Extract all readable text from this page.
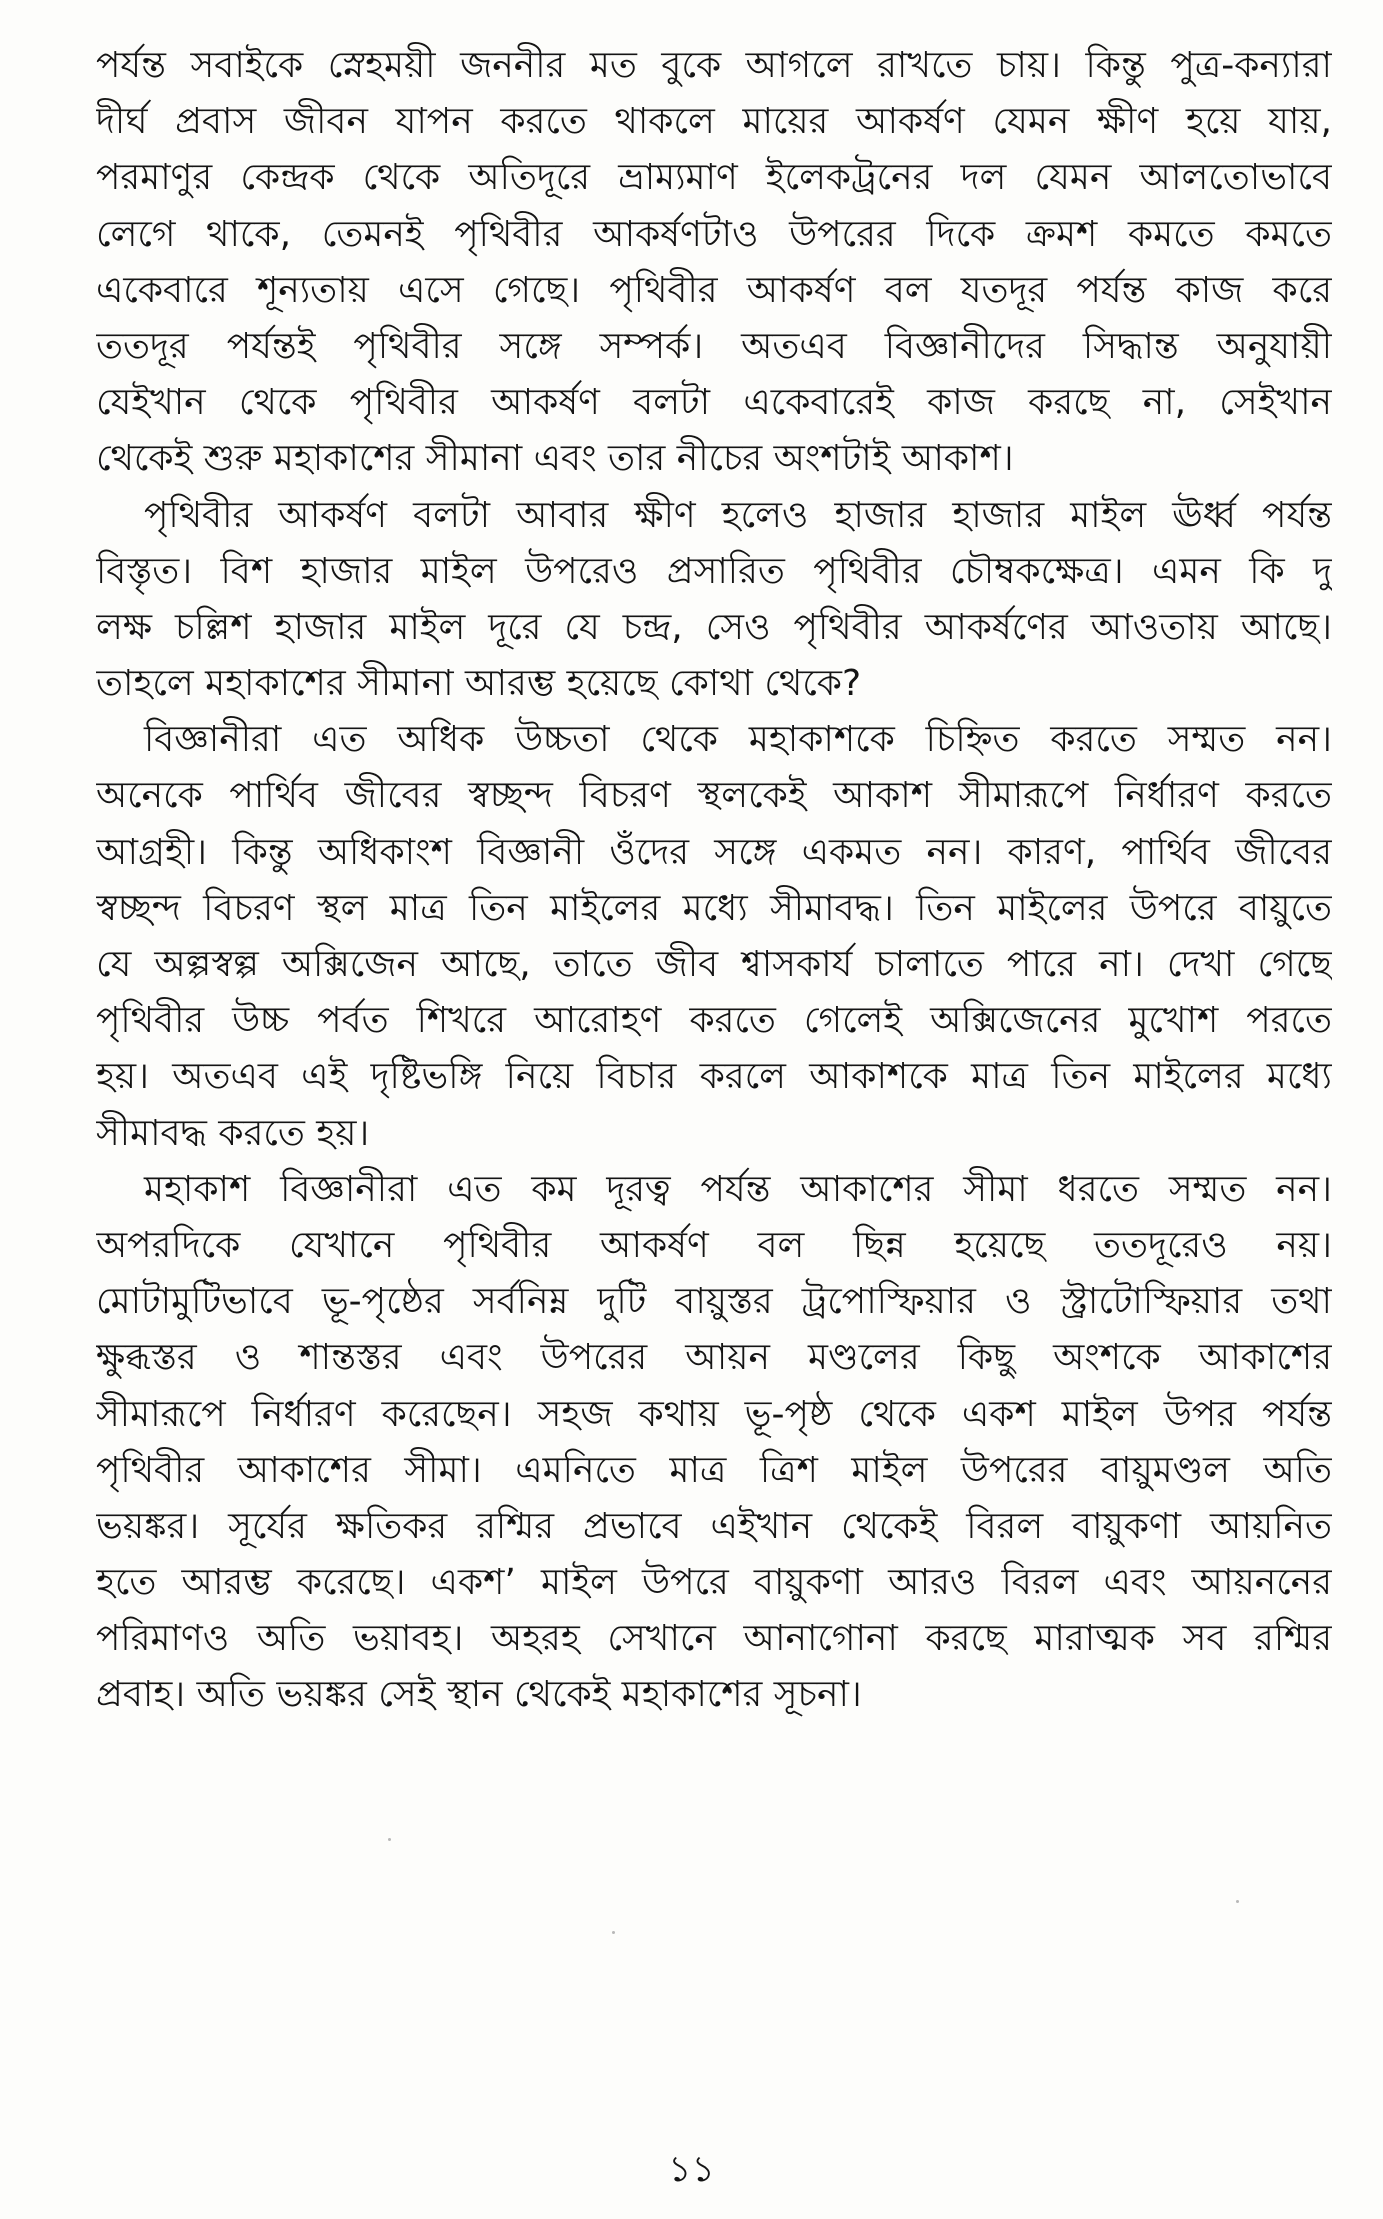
পর্যন্ত সবাইকে স্নেহময়ী জননীর মত বুকে আগলে রাখতে চায়। কিন্তু পুত্র-কন্যারা
দীর্ঘ প্রবাস জীবন যাপন করতে থাকলে মায়ের আকর্ষণ যেমন ক্ষীণ হয়ে যায়,
পরমাণুর কেন্দ্রক থেকে অতিদূরে ভ্রাম্যমাণ ইলেকট্রনের দল যেমন আলতোভাবে
লেগে থাকে, তেমনই পৃথিবীর আকর্ষণটাও উপরের দিকে ক্রমশ কমতে কমতে
একেবারে শূন্যতায় এসে গেছে। পৃথিবীর আকর্ষণ বল যতদূর পর্যন্ত কাজ করে
ততদূর পর্যন্তই পৃথিবীর সঙ্গে সম্পর্ক। অতএব বিজ্ঞানীদের সিদ্ধান্ত অনুযায়ী
যেইখান থেকে পৃথিবীর আকর্ষণ বলটা একেবারেই কাজ করছে না, সেইখান
থেকেই শুরু মহাকাশের সীমানা এবং তার নীচের অংশটাই আকাশ।
পৃথিবীর আকর্ষণ বলটা আবার ক্ষীণ হলেও হাজার হাজার মাইল ঊর্ধ্ব পর্যন্ত
বিস্তৃত। বিশ হাজার মাইল উপরেও প্রসারিত পৃথিবীর চৌম্বকক্ষেত্র। এমন কি দু
লক্ষ চল্লিশ হাজার মাইল দূরে যে চন্দ্র, সেও পৃথিবীর আকর্ষণের আওতায় আছে।
তাহলে মহাকাশের সীমানা আরম্ভ হয়েছে কোথা থেকে?
বিজ্ঞানীরা এত অধিক উচ্চতা থেকে মহাকাশকে চিহ্নিত করতে সম্মত নন।
অনেকে পার্থিব জীবের স্বচ্ছন্দ বিচরণ স্থলকেই আকাশ সীমারূপে নির্ধারণ করতে
আগ্রহী। কিন্তু অধিকাংশ বিজ্ঞানী ওঁদের সঙ্গে একমত নন। কারণ, পার্থিব জীবের
স্বচ্ছন্দ বিচরণ স্থল মাত্র তিন মাইলের মধ্যে সীমাবদ্ধ। তিন মাইলের উপরে বায়ুতে
যে অল্পস্বল্প অক্সিজেন আছে, তাতে জীব শ্বাসকার্য চালাতে পারে না। দেখা গেছে
পৃথিবীর উচ্চ পর্বত শিখরে আরোহণ করতে গেলেই অক্সিজেনের মুখোশ পরতে
হয়। অতএব এই দৃষ্টিভঙ্গি নিয়ে বিচার করলে আকাশকে মাত্র তিন মাইলের মধ্যে
সীমাবদ্ধ করতে হয়।
মহাকাশ বিজ্ঞানীরা এত কম দূরত্ব পর্যন্ত আকাশের সীমা ধরতে সম্মত নন।
অপরদিকে যেখানে পৃথিবীর আকর্ষণ বল ছিন্ন হয়েছে ততদূরেও নয়।
মোটামুটিভাবে ভূ-পৃষ্ঠের সর্বনিম্ন দুটি বায়ুস্তর ট্রপোস্ফিয়ার ও স্ট্রাটোস্ফিয়ার তথা
ক্ষুব্ধস্তর ও শান্তস্তর এবং উপরের আয়ন মণ্ডলের কিছু অংশকে আকাশের
সীমারূপে নির্ধারণ করেছেন। সহজ কথায় ভূ-পৃষ্ঠ থেকে একশ মাইল উপর পর্যন্ত
পৃথিবীর আকাশের সীমা। এমনিতে মাত্র ত্রিশ মাইল উপরের বায়ুমণ্ডল অতি
ভয়ঙ্কর। সূর্যের ক্ষতিকর রশ্মির প্রভাবে এইখান থেকেই বিরল বায়ুকণা আয়নিত
হতে আরম্ভ করেছে। একশ’ মাইল উপরে বায়ুকণা আরও বিরল এবং আয়ননের
পরিমাণও অতি ভয়াবহ। অহরহ সেখানে আনাগোনা করছে মারাত্মক সব রশ্মির
প্রবাহ। অতি ভয়ঙ্কর সেই স্থান থেকেই মহাকাশের সূচনা।
১১
